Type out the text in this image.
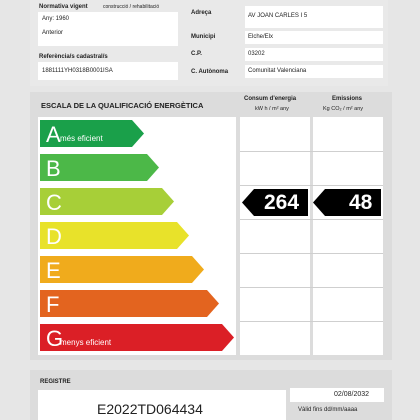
Normativa vigent	construcció / rehabilitació
Any: 1960
Anterior
Referència/s cadastral/s
1881111YH0318B0001ISA
Adreça
Municipi
C.P.
C. Autònoma
AV JOAN CARLES I 5
Elche/Elx
03202
Comunitat Valenciana
ESCALA DE LA QUALIFICACIÓ ENERGÈTICA
Consum d'energia
kW h / m² any
Emissions
Kg CO₂ / m² any
A més eficient
B
C
D
E
F
G
menys eficient
264 48
REGISTRE
E2022TD064434
02/08/2032
Vàlid fins dd/mm/aaaa
